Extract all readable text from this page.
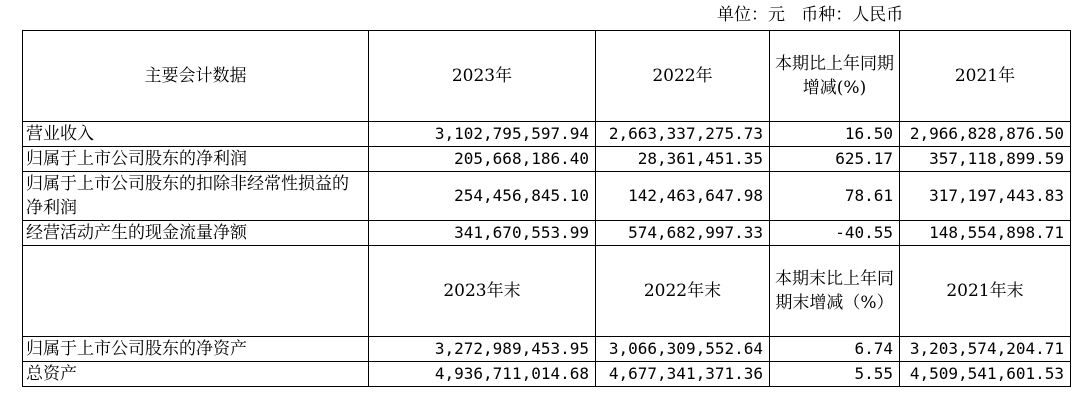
单位：元   币种：人民币
主要会计数据	2023年	2022年	本期比上年同期增减(%)	2021年
营业收入	3,102,795,597.94	2,663,337,275.73	16.50	2,966,828,876.50
归属于上市公司股东的净利润	205,668,186.40	28,361,451.35	625.17	357,118,899.59
归属于上市公司股东的扣除非经常性损益的净利润	254,456,845.10	142,463,647.98	78.61	317,197,443.83
经营活动产生的现金流量净额	341,670,553.99	574,682,997.33	-40.55	148,554,898.71
	2023年末	2022年末	本期末比上年同期末增减（%）	2021年末
归属于上市公司股东的净资产	3,272,989,453.95	3,066,309,552.64	6.74	3,203,574,204.71
总资产	4,936,711,014.68	4,677,341,371.36	5.55	4,509,541,601.53
